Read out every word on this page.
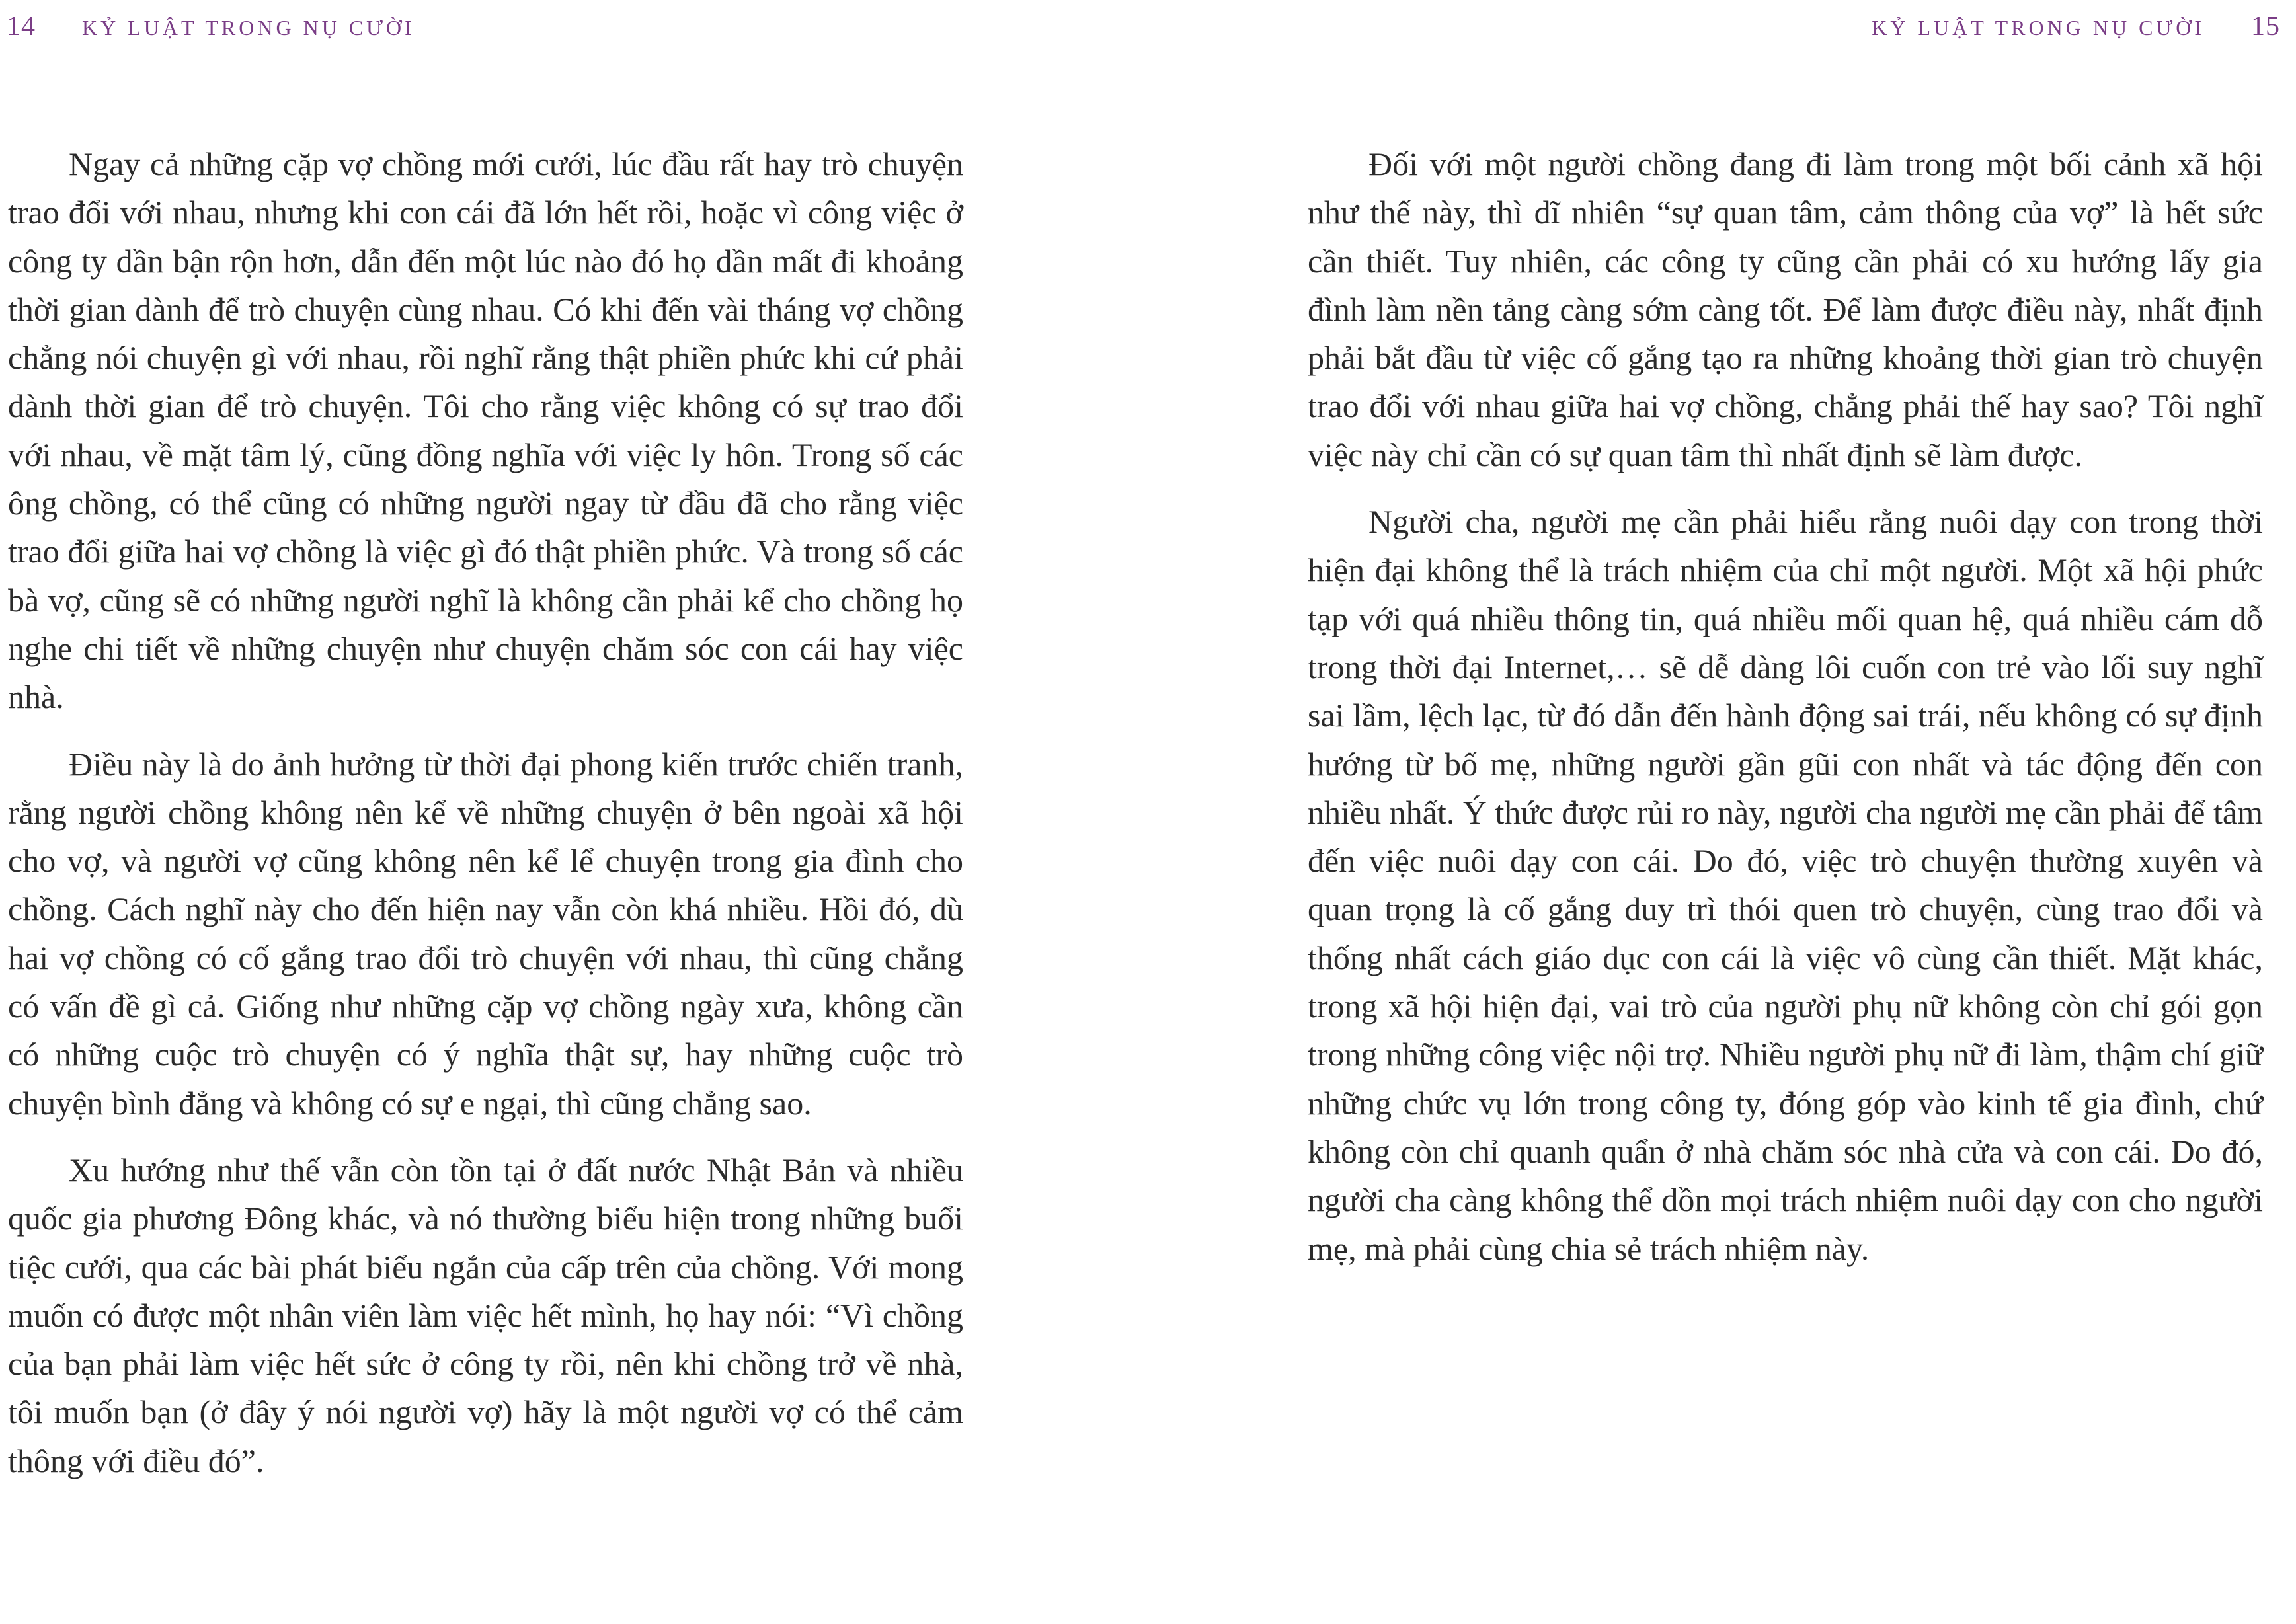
14 KỶ LUẬT TRONG NỤ CƯỜI

Ngay cả những cặp vợ chồng mới cưới, lúc đầu rất hay trò chuyện trao đổi với nhau, nhưng khi con cái đã lớn hết rồi, hoặc vì công việc ở công ty dần bận rộn hơn, dẫn đến một lúc nào đó họ dần mất đi khoảng thời gian dành để trò chuyện cùng nhau. Có khi đến vài tháng vợ chồng chẳng nói chuyện gì với nhau, rồi nghĩ rằng thật phiền phức khi cứ phải dành thời gian để trò chuyện. Tôi cho rằng việc không có sự trao đổi với nhau, về mặt tâm lý, cũng đồng nghĩa với việc ly hôn. Trong số các ông chồng, có thể cũng có những người ngay từ đầu đã cho rằng việc trao đổi giữa hai vợ chồng là việc gì đó thật phiền phức. Và trong số các bà vợ, cũng sẽ có những người nghĩ là không cần phải kể cho chồng họ nghe chi tiết về những chuyện như chuyện chăm sóc con cái hay việc nhà.

Điều này là do ảnh hưởng từ thời đại phong kiến trước chiến tranh, rằng người chồng không nên kể về những chuyện ở bên ngoài xã hội cho vợ, và người vợ cũng không nên kể lể chuyện trong gia đình cho chồng. Cách nghĩ này cho đến hiện nay vẫn còn khá nhiều. Hồi đó, dù hai vợ chồng có cố gắng trao đổi trò chuyện với nhau, thì cũng chẳng có vấn đề gì cả. Giống như những cặp vợ chồng ngày xưa, không cần có những cuộc trò chuyện có ý nghĩa thật sự, hay những cuộc trò chuyện bình đẳng và không có sự e ngại, thì cũng chẳng sao.

Xu hướng như thế vẫn còn tồn tại ở đất nước Nhật Bản và nhiều quốc gia phương Đông khác, và nó thường biểu hiện trong những buổi tiệc cưới, qua các bài phát biểu ngắn của cấp trên của chồng. Với mong muốn có được một nhân viên làm việc hết mình, họ hay nói: “Vì chồng của bạn phải làm việc hết sức ở công ty rồi, nên khi chồng trở về nhà, tôi muốn bạn (ở đây ý nói người vợ) hãy là một người vợ có thể cảm thông với điều đó”.

KỶ LUẬT TRONG NỤ CƯỜI 15

Đối với một người chồng đang đi làm trong một bối cảnh xã hội như thế này, thì dĩ nhiên “sự quan tâm, cảm thông của vợ” là hết sức cần thiết. Tuy nhiên, các công ty cũng cần phải có xu hướng lấy gia đình làm nền tảng càng sớm càng tốt. Để làm được điều này, nhất định phải bắt đầu từ việc cố gắng tạo ra những khoảng thời gian trò chuyện trao đổi với nhau giữa hai vợ chồng, chẳng phải thế hay sao? Tôi nghĩ việc này chỉ cần có sự quan tâm thì nhất định sẽ làm được.

Người cha, người mẹ cần phải hiểu rằng nuôi dạy con trong thời hiện đại không thể là trách nhiệm của chỉ một người. Một xã hội phức tạp với quá nhiều thông tin, quá nhiều mối quan hệ, quá nhiều cám dỗ trong thời đại Internet,… sẽ dễ dàng lôi cuốn con trẻ vào lối suy nghĩ sai lầm, lệch lạc, từ đó dẫn đến hành động sai trái, nếu không có sự định hướng từ bố mẹ, những người gần gũi con nhất và tác động đến con nhiều nhất. Ý thức được rủi ro này, người cha người mẹ cần phải để tâm đến việc nuôi dạy con cái. Do đó, việc trò chuyện thường xuyên và quan trọng là cố gắng duy trì thói quen trò chuyện, cùng trao đổi và thống nhất cách giáo dục con cái là việc vô cùng cần thiết. Mặt khác, trong xã hội hiện đại, vai trò của người phụ nữ không còn chỉ gói gọn trong những công việc nội trợ. Nhiều người phụ nữ đi làm, thậm chí giữ những chức vụ lớn trong công ty, đóng góp vào kinh tế gia đình, chứ không còn chỉ quanh quẩn ở nhà chăm sóc nhà cửa và con cái. Do đó, người cha càng không thể dồn mọi trách nhiệm nuôi dạy con cho người mẹ, mà phải cùng chia sẻ trách nhiệm này.
